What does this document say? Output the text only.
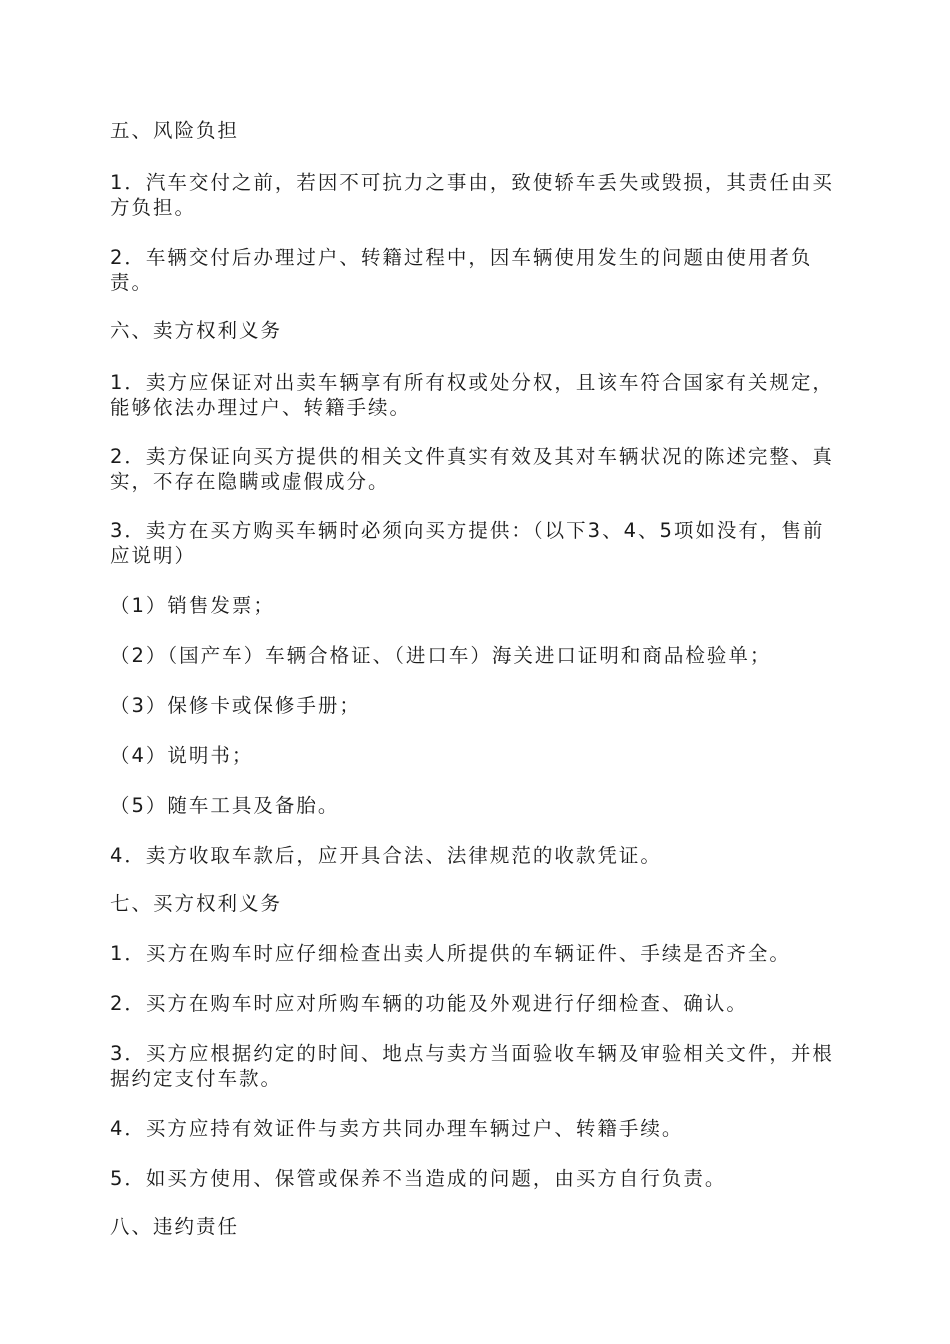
五、风险负担

1．汽车交付之前，若因不可抗力之事由，致使轿车丢失或毁损，其责任由买方负担。

2．车辆交付后办理过户、转籍过程中，因车辆使用发生的问题由使用者负责。

六、卖方权利义务

1．卖方应保证对出卖车辆享有所有权或处分权，且该车符合国家有关规定，能够依法办理过户、转籍手续。

2．卖方保证向买方提供的相关文件真实有效及其对车辆状况的陈述完整、真实，不存在隐瞒或虚假成分。

3．卖方在买方购买车辆时必须向买方提供：（以下3、4、5项如没有，售前应说明）

（1）销售发票；

（2）（国产车）车辆合格证、（进口车）海关进口证明和商品检验单；

（3）保修卡或保修手册；

（4）说明书；

（5）随车工具及备胎。

4．卖方收取车款后，应开具合法、法律规范的收款凭证。

七、买方权利义务

1．买方在购车时应仔细检查出卖人所提供的车辆证件、手续是否齐全。

2．买方在购车时应对所购车辆的功能及外观进行仔细检查、确认。

3．买方应根据约定的时间、地点与卖方当面验收车辆及审验相关文件，并根据约定支付车款。

4．买方应持有效证件与卖方共同办理车辆过户、转籍手续。

5．如买方使用、保管或保养不当造成的问题，由买方自行负责。

八、违约责任
